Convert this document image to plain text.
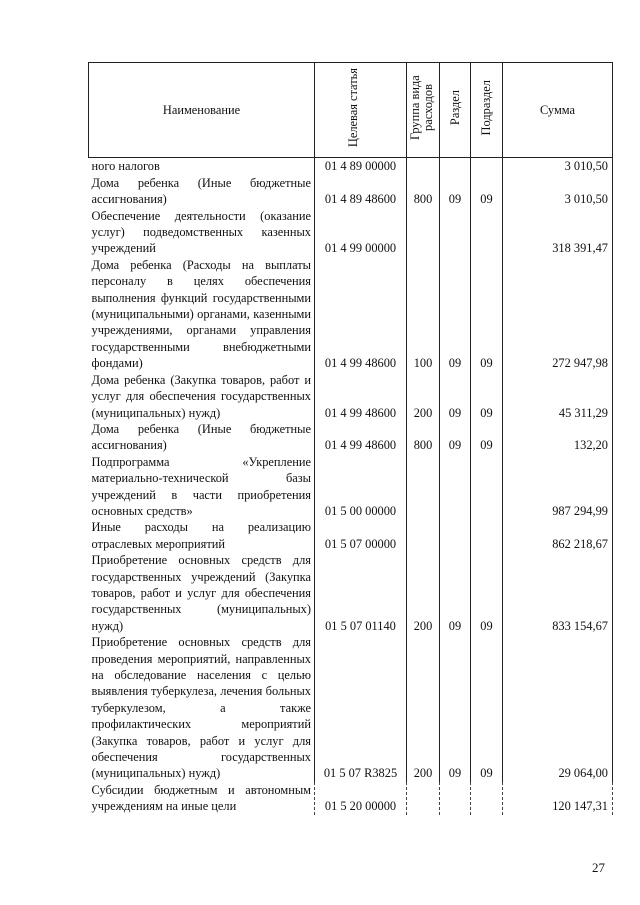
Наименование	Целевая статья	Группа вида расходов	Раздел	Подраздел	Сумма
ного налогов	01 4 89 00000				3 010,50
Дома ребенка (Иные бюджетные ассигнования)	01 4 89 48600	800	09	09	3 010,50
Обеспечение деятельности (оказание услуг) подведомственных казенных учреждений	01 4 99 00000				318 391,47
Дома ребенка (Расходы на выплаты персоналу в целях обеспечения выполнения функций государственными (муниципальными) органами, казенными учреждениями, органами управления государственными внебюджетными фондами)	01 4 99 48600	100	09	09	272 947,98
Дома ребенка (Закупка товаров, работ и услуг для обеспечения государственных (муниципальных) нужд)	01 4 99 48600	200	09	09	45 311,29
Дома ребенка (Иные бюджетные ассигнования)	01 4 99 48600	800	09	09	132,20
Подпрограмма «Укрепление материально-технической базы учреждений в части приобретения основных средств»	01 5 00 00000				987 294,99
Иные расходы на реализацию отраслевых мероприятий	01 5 07 00000				862 218,67
Приобретение основных средств для государственных учреждений (Закупка товаров, работ и услуг для обеспечения государственных (муниципальных) нужд)	01 5 07 01140	200	09	09	833 154,67
Приобретение основных средств для проведения мероприятий, направленных на обследование населения с целью выявления туберкулеза, лечения больных туберкулезом, а также профилактических мероприятий (Закупка товаров, работ и услуг для обеспечения государственных (муниципальных) нужд)	01 5 07 R3825	200	09	09	29 064,00
Субсидии бюджетным и автономным учреждениям на иные цели	01 5 20 00000				120 147,31
27
